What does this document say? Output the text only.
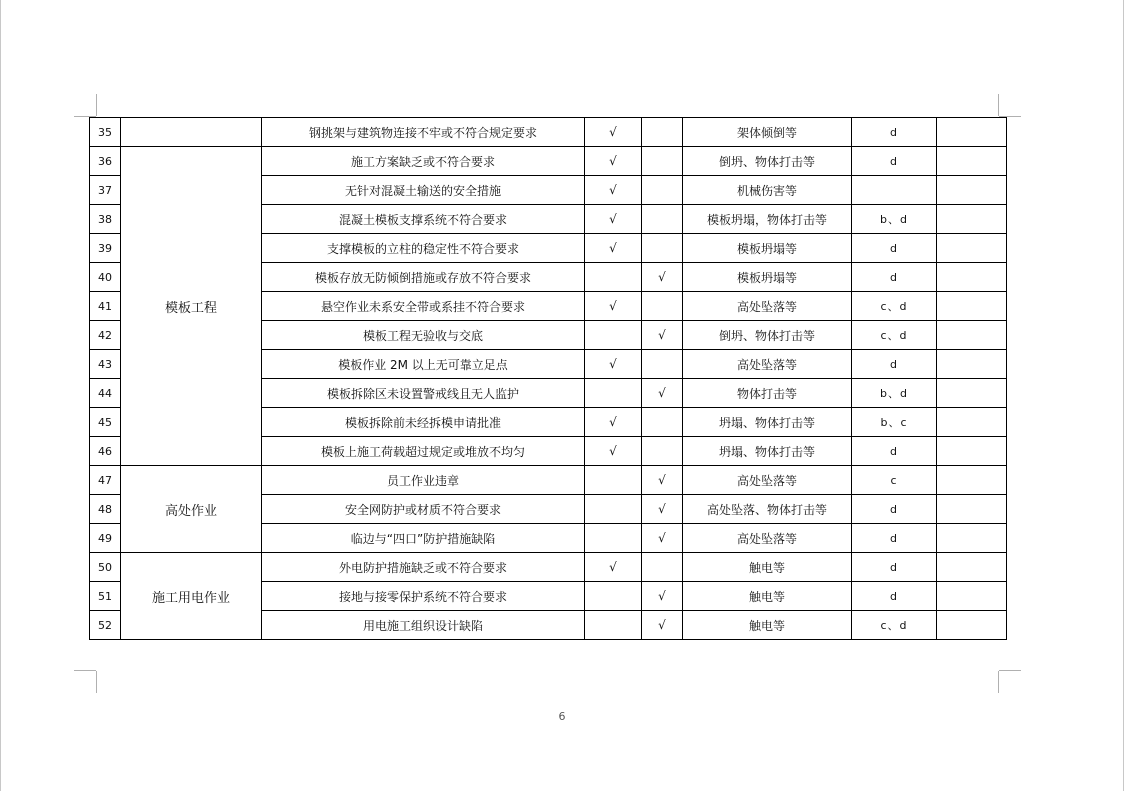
35		钢挑架与建筑物连接不牢或不符合规定要求	√		架体倾倒等	d	
36	模板工程	施工方案缺乏或不符合要求	√		倒坍、物体打击等	d	
37		无针对混凝土输送的安全措施	√		机械伤害等		
38		混凝土模板支撑系统不符合要求	√		模板坍塌，物体打击等	b、d	
39		支撑模板的立柱的稳定性不符合要求	√		模板坍塌等	d	
40		模板存放无防倾倒措施或存放不符合要求		√	模板坍塌等	d	
41		悬空作业未系安全带或系挂不符合要求	√		高处坠落等	c、d	
42		模板工程无验收与交底		√	倒坍、物体打击等	c、d	
43		模板作业 2M 以上无可靠立足点	√		高处坠落等	d	
44		模板拆除区未设置警戒线且无人监护		√	物体打击等	b、d	
45		模板拆除前未经拆模申请批准	√		坍塌、物体打击等	b、c	
46		模板上施工荷载超过规定或堆放不均匀	√		坍塌、物体打击等	d	
47	高处作业	员工作业违章		√	高处坠落等	c	
48		安全网防护或材质不符合要求		√	高处坠落、物体打击等	d	
49		临边与“四口”防护措施缺陷		√	高处坠落等	d	
50	施工用电作业	外电防护措施缺乏或不符合要求	√		触电等	d	
51		接地与接零保护系统不符合要求		√	触电等	d	
52		用电施工组织设计缺陷		√	触电等	c、d	
6
